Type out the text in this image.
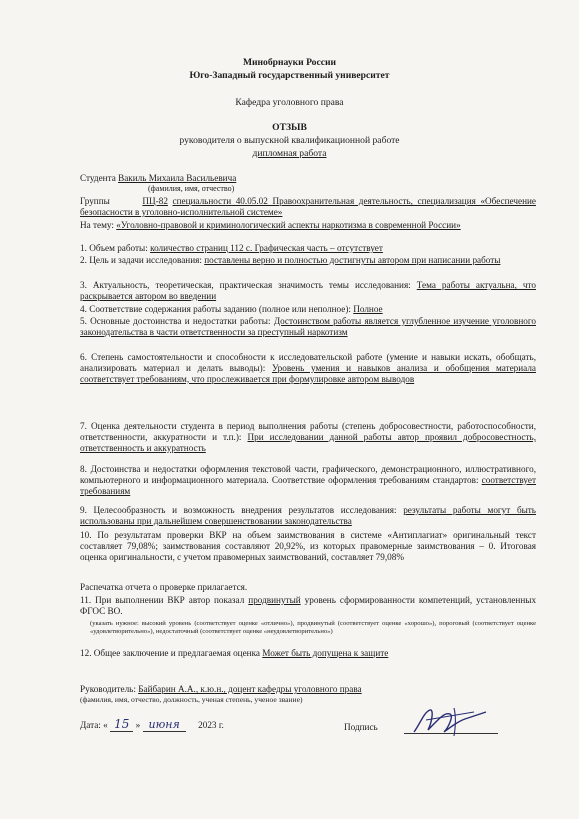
Минобрнауки России
Юго-Западный государственный университет
Кафедра уголовного права
ОТЗЫВ
руководителя о выпускной квалификационной работе
дипломная работа
Студента Вакиль Михаила Васильевича
(фамилия, имя, отчество)
Группы	ПЦ-82 специальности 40.05.02 Правоохранительная деятельность, специализация «Обеспечение безопасности в уголовно-исполнительной системе»
На тему: «Уголовно-правовой и криминологический аспекты наркотизма в современной России»
1. Объем работы: количество страниц 112 с. Графическая часть – отсутствует
2. Цель и задачи исследования: поставлены верно и полностью достигнуты автором при написании работы
3. Актуальность, теоретическая, практическая значимость темы исследования: Тема работы актуальна, что раскрывается автором во введении
4. Соответствие содержания работы заданию (полное или неполное): Полное
5. Основные достоинства и недостатки работы: Достоинством работы является углубленное изучение уголовного законодательства в части ответственности за преступный наркотизм
6. Степень самостоятельности и способности к исследовательской работе (умение и навыки искать, обобщать, анализировать материал и делать выводы): Уровень умения и навыков анализа и обобщения материала соответствует требованиям, что прослеживается при формулировке автором выводов
7. Оценка деятельности студента в период выполнения работы (степень добросовестности, работоспособности, ответственности, аккуратности и т.п.): При исследовании данной работы автор проявил добросовестность, ответственность и аккуратность
8. Достоинства и недостатки оформления текстовой части, графического, демонстрационного, иллюстративного, компьютерного и информационного материала. Соответствие оформления требованиям стандартов: соответствует требованиям
9. Целесообразность и возможность внедрения результатов исследования: результаты работы могут быть использованы при дальнейшем совершенствовании законодательства
10. По результатам проверки ВКР на объем заимствования в системе «Антиплагиат» оригинальный текст составляет 79,08%; заимствования составляют 20,92%, из которых правомерные заимствования – 0. Итоговая оценка оригинальности, с учетом правомерных заимствований, составляет 79,08%
Распечатка отчета о проверке прилагается.
11. При выполнении ВКР автор показал продвинутый уровень сформированности компетенций, установленных ФГОС ВО.
(указать нужное: высокий уровень (соответствует оценке «отлично»), продвинутый (соответствует оценке «хорошо»), пороговый (соответствует оценке «удовлетворительно»), недостаточный (соответствует оценке «неудовлетворительно»)
12. Общее заключение и предлагаемая оценка Может быть допущена к защите
Руководитель: Байбарин А.А., к.ю.н., доцент кафедры уголовного права
(фамилия, имя, отчество, должность, ученая степень, ученое звание)
Дата: « 15 » июня 2023 г.	Подпись
